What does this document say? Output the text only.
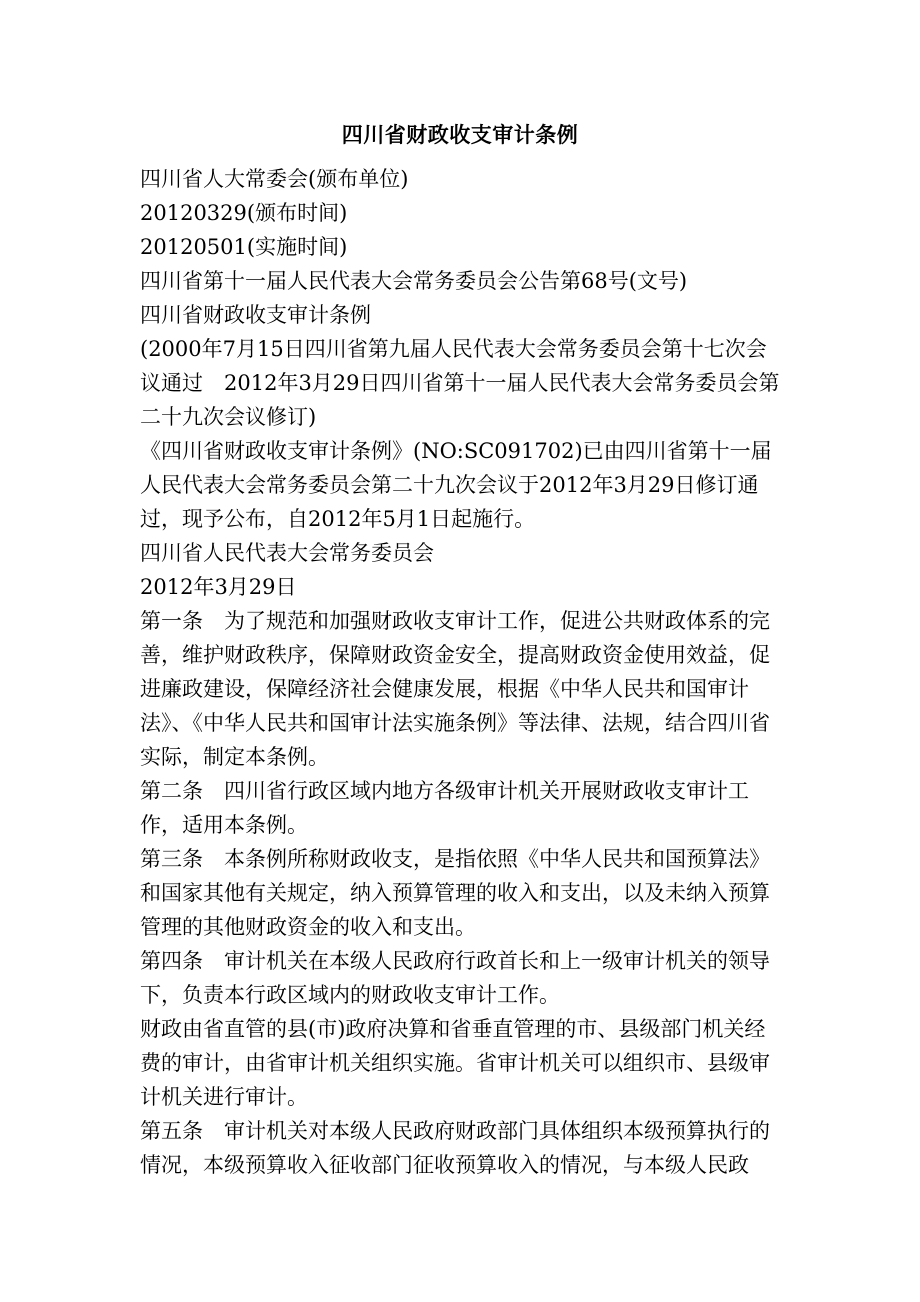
四川省财政收支审计条例

四川省人大常委会(颁布单位)

20120329(颁布时间)

20120501(实施时间)

四川省第十一届人民代表大会常务委员会公告第68号(文号)

四川省财政收支审计条例

(2000年7月15日四川省第九届人民代表大会常务委员会第十七次会议通过　2012年3月29日四川省第十一届人民代表大会常务委员会第二十九次会议修订)

《四川省财政收支审计条例》(NO:SC091702)已由四川省第十一届人民代表大会常务委员会第二十九次会议于2012年3月29日修订通过，现予公布，自2012年5月1日起施行。

四川省人民代表大会常务委员会

2012年3月29日

第一条　为了规范和加强财政收支审计工作，促进公共财政体系的完善，维护财政秩序，保障财政资金安全，提高财政资金使用效益，促进廉政建设，保障经济社会健康发展，根据《中华人民共和国审计法》、《中华人民共和国审计法实施条例》等法律、法规，结合四川省实际，制定本条例。

第二条　四川省行政区域内地方各级审计机关开展财政收支审计工作，适用本条例。

第三条　本条例所称财政收支，是指依照《中华人民共和国预算法》和国家其他有关规定，纳入预算管理的收入和支出，以及未纳入预算管理的其他财政资金的收入和支出。

第四条　审计机关在本级人民政府行政首长和上一级审计机关的领导下，负责本行政区域内的财政收支审计工作。

财政由省直管的县(市)政府决算和省垂直管理的市、县级部门机关经费的审计，由省审计机关组织实施。省审计机关可以组织市、县级审计机关进行审计。

第五条　审计机关对本级人民政府财政部门具体组织本级预算执行的情况，本级预算收入征收部门征收预算收入的情况，与本级人民政
